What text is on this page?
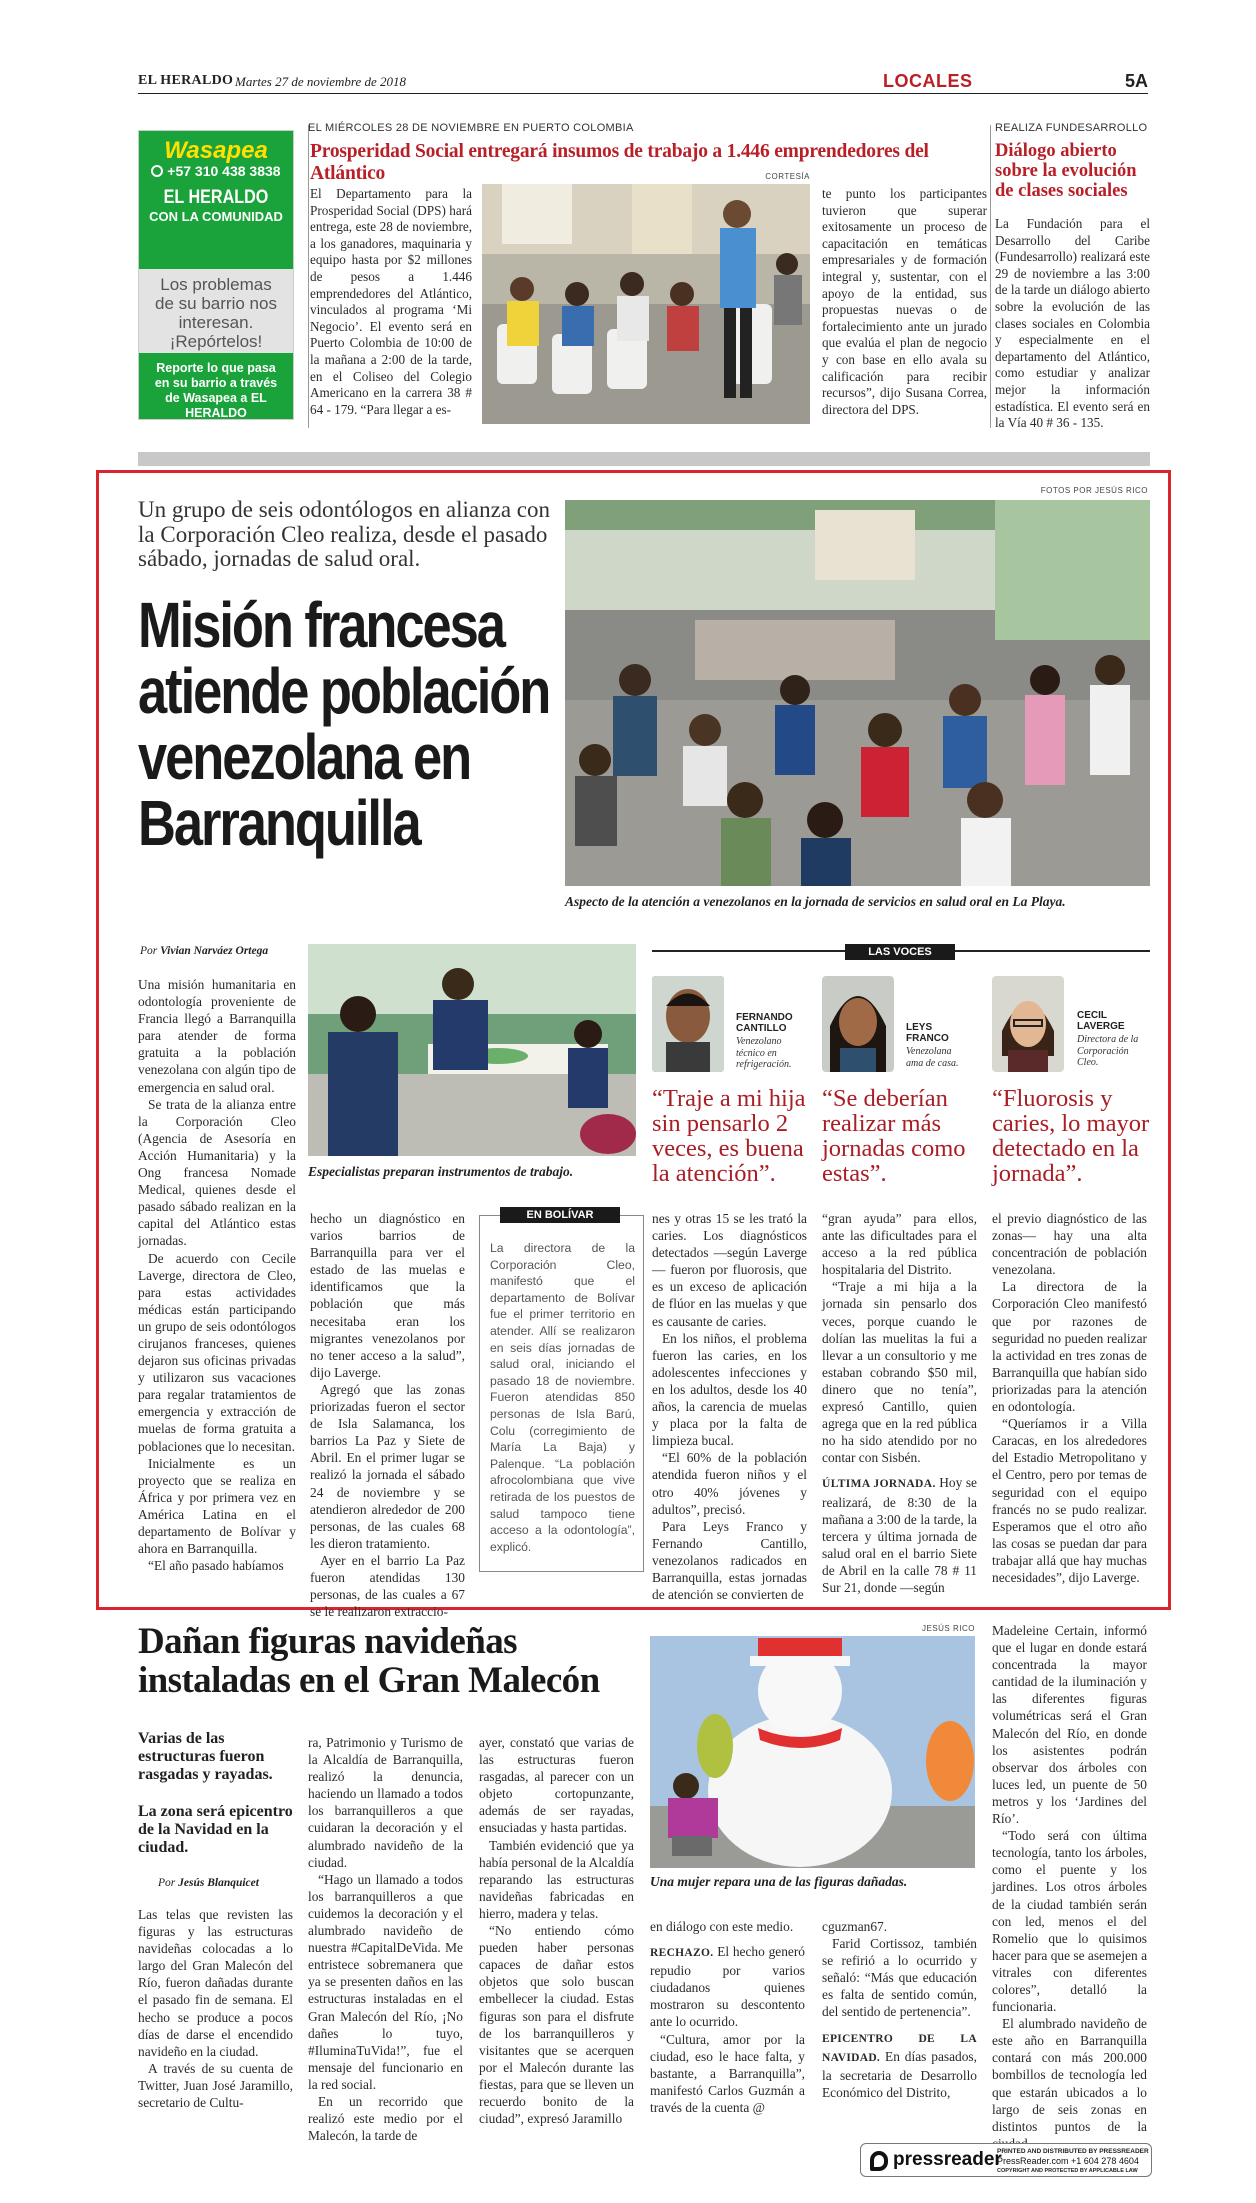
EL HERALDO Martes 27 de noviembre de 2018	LOCALES	5A
Wasapea
+57 310 438 3838
EL HERALDO
CON LA COMUNIDAD
Los problemas de su barrio nos interesan. ¡Repórtelos!
Reporte lo que pasa en su barrio a través de Wasapea a EL HERALDO
EL MIÉRCOLES 28 DE NOVIEMBRE EN PUERTO COLOMBIA
Prosperidad Social entregará insumos de trabajo a 1.446 emprendedores del Atlántico
El Departamento para la Prosperidad Social (DPS) hará entrega, este 28 de noviembre, a los ganadores, maquinaria y equipo hasta por $2 millones de pesos a 1.446 emprendedores del Atlántico, vinculados al programa ‘Mi Negocio’. El evento será en Puerto Colombia de 10:00 de la mañana a 2:00 de la tarde, en el Coliseo del Colegio Americano en la carrera 38 # 64 - 179. “Para llegar a es-
CORTESÍA
te punto los participantes tuvieron que superar exitosamente un proceso de capacitación en temáticas empresariales y de formación integral y, sustentar, con el apoyo de la entidad, sus propuestas nuevas o de fortalecimiento ante un jurado que evalúa el plan de negocio y con base en ello avala su calificación para recibir recursos”, dijo Susana Correa, directora del DPS.
REALIZA FUNDESARROLLO
Diálogo abierto sobre la evolución de clases sociales
La Fundación para el Desarrollo del Caribe (Fundesarrollo) realizará este 29 de noviembre a las 3:00 de la tarde un diálogo abierto sobre la evolución de las clases sociales en Colombia y especialmente en el departamento del Atlántico, como estudiar y analizar mejor la información estadística. El evento será en la Vía 40 # 36 - 135.
Un grupo de seis odontólogos en alianza con la Corporación Cleo realiza, desde el pasado sábado, jornadas de salud oral.
Misión francesa atiende población venezolana en Barranquilla
FOTOS POR JESÚS RICO
Aspecto de la atención a venezolanos en la jornada de servicios en salud oral en La Playa.
Por Vivian Narváez Ortega

Una misión humanitaria en odontología proveniente de Francia llegó a Barranquilla para atender de forma gratuita a la población venezolana con algún tipo de emergencia en salud oral.

Se trata de la alianza entre la Corporación Cleo (Agencia de Asesoría en Acción Humanitaria) y la Ong francesa Nomade Medical, quienes desde el pasado sábado realizan en la capital del Atlántico estas jornadas.

De acuerdo con Cecile Laverge, directora de Cleo, para estas actividades médicas están participando un grupo de seis odontólogos cirujanos franceses, quienes dejaron sus oficinas privadas y utilizaron sus vacaciones para regalar tratamientos de emergencia y extracción de muelas de forma gratuita a poblaciones que lo necesitan.

Inicialmente es un proyecto que se realiza en África y por primera vez en América Latina en el departamento de Bolívar y ahora en Barranquilla.

“El año pasado habíamos

Especialistas preparan instrumentos de trabajo.

hecho un diagnóstico en varios barrios de Barranquilla para ver el estado de las muelas e identificamos que la población que más necesitaba eran los migrantes venezolanos por no tener acceso a la salud”, dijo Laverge.

Agregó que las zonas priorizadas fueron el sector de Isla Salamanca, los barrios La Paz y Siete de Abril. En el primer lugar se realizó la jornada el sábado 24 de noviembre y se atendieron alrededor de 200 personas, de las cuales 68 les dieron tratamiento.

Ayer en el barrio La Paz fueron atendidas 130 personas, de las cuales a 67 se le realizaron extraccio-

EN BOLÍVAR
La directora de la Corporación Cleo, manifestó que el departamento de Bolívar fue el primer territorio en atender. Allí se realizaron en seis días jornadas de salud oral, iniciando el pasado 18 de noviembre. Fueron atendidas 850 personas de Isla Barú, Colu (corregimiento de María La Baja) y Palenque. “La población afrocolombiana que vive retirada de los puestos de salud tampoco tiene acceso a la odontología”, explicó.
LAS VOCES
FERNANDO CANTILLO
Venezolano técnico en refrigeración.
“Traje a mi hija sin pensarlo 2 veces, es buena la atención”.
LEYS FRANCO
Venezolana ama de casa.
“Se deberían realizar más jornadas como estas”.
CECIL LAVERGE
Directora de la Corporación Cleo.
“Fluorosis y caries, lo mayor detectado en la jornada”.

nes y otras 15 se les trató la caries. Los diagnósticos detectados —según Laverge— fueron por fluorosis, que es un exceso de aplicación de flúor en las muelas y que es causante de caries.

En los niños, el problema fueron las caries, en los adolescentes infecciones y en los adultos, desde los 40 años, la carencia de muelas y placa por la falta de limpieza bucal.

“El 60% de la población atendida fueron niños y el otro 40% jóvenes y adultos”, precisó.

Para Leys Franco y Fernando Cantillo, venezolanos radicados en Barranquilla, estas jornadas de atención se convierten de

“gran ayuda” para ellos, ante las dificultades para el acceso a la red pública hospitalaria del Distrito.

“Traje a mi hija a la jornada sin pensarlo dos veces, porque cuando le dolían las muelitas la fui a llevar a un consultorio y me estaban cobrando $50 mil, dinero que no tenía”, expresó Cantillo, quien agrega que en la red pública no ha sido atendido por no contar con Sisbén.

ÚLTIMA JORNADA. Hoy se realizará, de 8:30 de la mañana a 3:00 de la tarde, la tercera y última jornada de salud oral en el barrio Siete de Abril en la calle 78 # 11 Sur 21, donde —según

el previo diagnóstico de las zonas— hay una alta concentración de población venezolana.

La directora de la Corporación Cleo manifestó que por razones de seguridad no pueden realizar la actividad en tres zonas de Barranquilla que habían sido priorizadas para la atención en odontología.

“Queríamos ir a Villa Caracas, en los alrededores del Estadio Metropolitano y el Centro, pero por temas de seguridad con el equipo francés no se pudo realizar. Esperamos que el otro año las cosas se puedan dar para trabajar allá que hay muchas necesidades”, dijo Laverge.

Dañan figuras navideñas instaladas en el Gran Malecón
Varias de las estructuras fueron rasgadas y rayadas.
La zona será epicentro de la Navidad en la ciudad.
Por Jesús Blanquicet

Las telas que revisten las figuras y las estructuras navideñas colocadas a lo largo del Gran Malecón del Río, fueron dañadas durante el pasado fin de semana. El hecho se produce a pocos días de darse el encendido navideño en la ciudad.

A través de su cuenta de Twitter, Juan José Jaramillo, secretario de Cultu-

ra, Patrimonio y Turismo de la Alcaldía de Barranquilla, realizó la denuncia, haciendo un llamado a todos los barranquilleros a que cuidaran la decoración y el alumbrado navideño de la ciudad.

“Hago un llamado a todos los barranquilleros a que cuidemos la decoración y el alumbrado navideño de nuestra #CapitalDeVida. Me entristece sobremanera que ya se presenten daños en las estructuras instaladas en el Gran Malecón del Río, ¡No dañes lo tuyo, #IluminaTuVida!”, fue el mensaje del funcionario en la red social.

En un recorrido que realizó este medio por el Malecón, la tarde de

ayer, constató que varias de las estructuras fueron rasgadas, al parecer con un objeto cortopunzante, además de ser rayadas, ensuciadas y hasta partidas.

También evidenció que ya había personal de la Alcaldía reparando las estructuras navideñas fabricadas en hierro, madera y telas.

“No entiendo cómo pueden haber personas capaces de dañar estos objetos que solo buscan embellecer la ciudad. Estas figuras son para el disfrute de los barranquilleros y visitantes que se acerquen por el Malecón durante las fiestas, para que se lleven un recuerdo bonito de la ciudad”, expresó Jaramillo

JESÚS RICO
Una mujer repara una de las figuras dañadas.

en diálogo con este medio.

RECHAZO. El hecho generó repudio por varios ciudadanos quienes mostraron su descontento ante lo ocurrido.

“Cultura, amor por la ciudad, eso le hace falta, y bastante, a Barranquilla”, manifestó Carlos Guzmán a través de la cuenta @

cguzman67.

Farid Cortissoz, también se refirió a lo ocurrido y señaló: “Más que educación es falta de sentido común, del sentido de pertenencia”.

EPICENTRO DE LA NAVIDAD. En días pasados, la secretaria de Desarrollo Económico del Distrito,

Madeleine Certain, informó que el lugar en donde estará concentrada la mayor cantidad de la iluminación y las diferentes figuras volumétricas será el Gran Malecón del Río, en donde los asistentes podrán observar dos árboles con luces led, un puente de 50 metros y los ‘Jardines del Río’.

“Todo será con última tecnología, tanto los árboles, como el puente y los jardines. Los otros árboles de la ciudad también serán con led, menos el del Romelio que lo quisimos hacer para que se asemejen a vitrales con diferentes colores”, detalló la funcionaria.

El alumbrado navideño de este año en Barranquilla contará con más 200.000 bombillos de tecnología led que estarán ubicados a lo largo de seis zonas en distintos puntos de la

pressreader
PRINTED AND DISTRIBUTED BY PRESSREADER
PressReader.com +1 604 278 4604
COPYRIGHT AND PROTECTED BY APPLICABLE LAW
